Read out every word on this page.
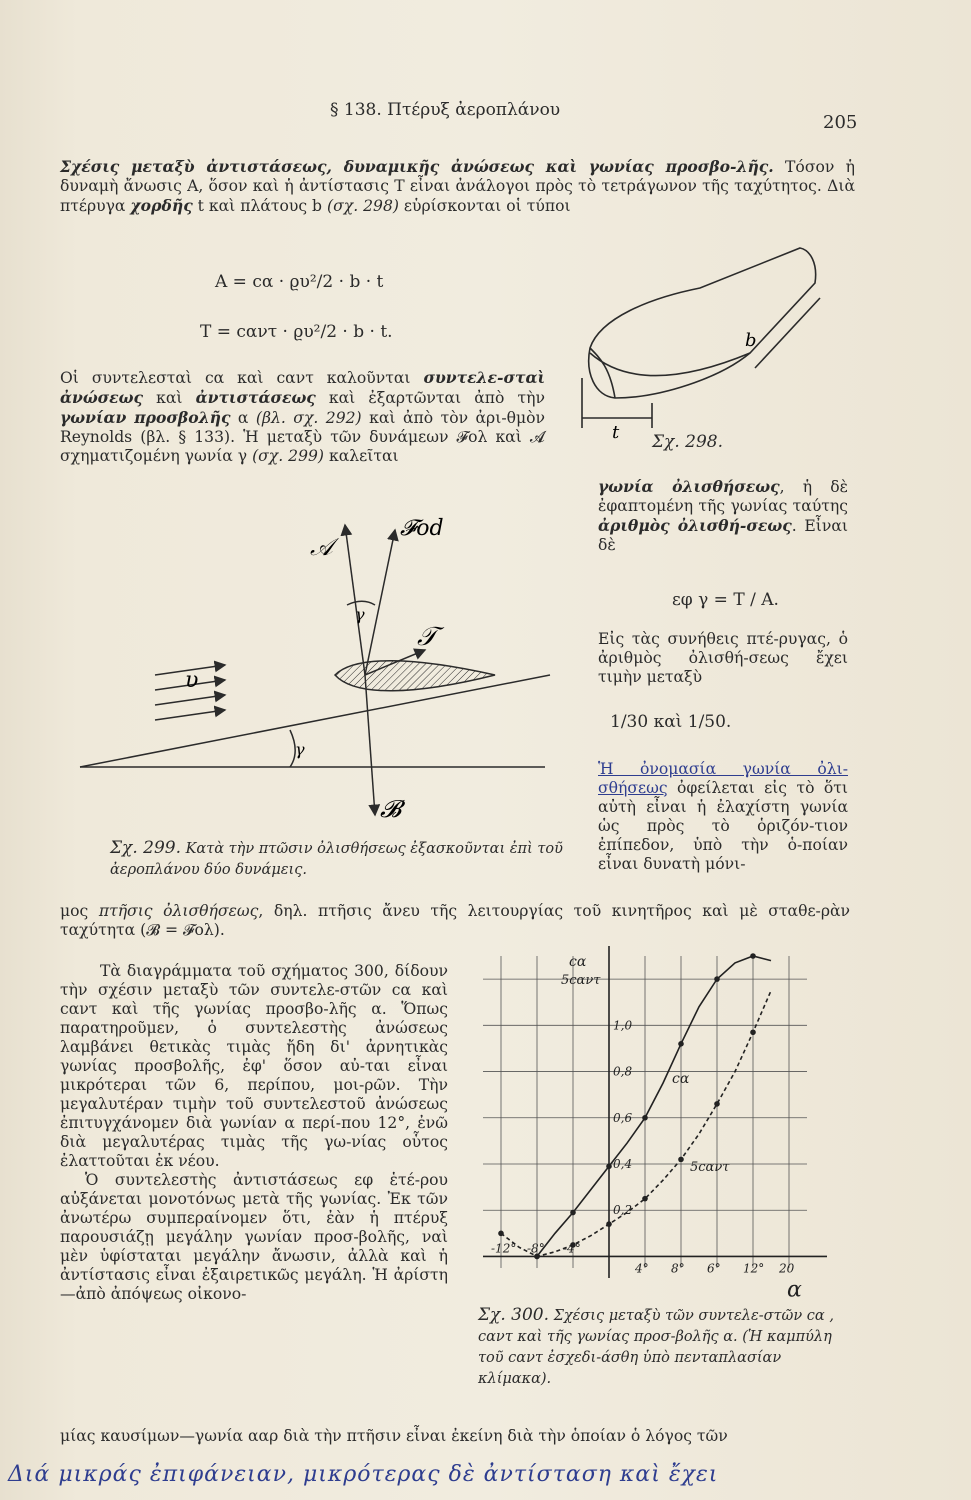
§ 138. Πτέρυξ ἀεροπλάνου
205

Σχέσις μεταξὺ ἀντιστάσεως, δυναμικῆς ἀνώσεως καὶ γωνίας προσβο-λῆς. Τόσον ἡ δυναμὴ ἄνωσις A, ὅσον καὶ ἡ ἀντίστασις T εἶναι ἀνάλογοι πρὸς τὸ τετράγωνον τῆς ταχύτητος. Διὰ πτέρυγα χορδῆς t καὶ πλάτους b (σχ. 298) εὑρίσκονται οἱ τύποι

A = cα · ϱυ²/2 · b · t
T = cαντ · ϱυ²/2 · b · t.

Οἱ συντελεσταὶ cα καὶ cαντ καλοῦνται συντελε-σταὶ ἀνώσεως καὶ ἀντιστάσεως καὶ ἐξαρτῶνται ἀπὸ τὴν γωνίαν προσβολῆς α (βλ. σχ. 292) καὶ ἀπὸ τὸν ἀρι-θμὸν Reynolds (βλ. § 133). Ἡ μεταξὺ τῶν δυνάμεων 𝓕ολ καὶ 𝓐 σχηματιζομένη γωνία γ (σχ. 299) καλεῖται

t
b
Σχ. 298.

γωνία ὀλισθήσεως, ἡ δὲ ἐφαπτομένη τῆς γωνίας ταύτης ἀριθμὸς ὀλισθή-σεως. Εἶναι δὲ

εφ γ = T / A.

Εἰς τὰς συνήθεις πτέ-ρυγας, ὁ ἀριθμὸς ὀλισθή-σεως ἔχει τιμὴν μεταξὺ

1/30 καὶ 1/50.

Ἡ ὀνομασία γωνία ὀλι-σθήσεως ὀφείλεται εἰς τὸ ὅτι αὐτὴ εἶναι ἡ ἐλαχίστη γωνία ὡς πρὸς τὸ ὁριζόν-τιον ἐπίπεδον, ὑπὸ τὴν ὁ-ποίαν εἶναι δυνατὴ μόνι-

𝒜
𝓕οd
𝒯
𝓑
υ
γ
γ
Σχ. 299. Κατὰ τὴν πτῶσιν ὀλισθήσεως ἐξασκοῦνται ἐπὶ τοῦ ἀεροπλάνου δύο δυνάμεις.

μος πτῆσις ὀλισθήσεως, δηλ. πτῆσις ἄνευ τῆς λειτουργίας τοῦ κινητῆρος καὶ μὲ σταθε-ρὰν ταχύτητα (𝓑 = 𝓕ολ).

Τὰ διαγράμματα τοῦ σχήματος 300, δίδουν τὴν σχέσιν μεταξὺ τῶν συντελε-στῶν cα καὶ cαντ καὶ τῆς γωνίας προσβο-λῆς α. Ὅπως παρατηροῦμεν, ὁ συντελεστὴς ἀνώσεως λαμβάνει θετικὰς τιμὰς ἤδη δι' ἀρνητικὰς γωνίας προσβολῆς, ἐφ' ὅσον αὐ-ται εἶναι μικρότεραι τῶν 6, περίπου, μοι-ρῶν. Τὴν μεγαλυτέραν τιμὴν τοῦ συντελεστοῦ ἀνώσεως ἐπιτυγχάνομεν διὰ γωνίαν α περί-που 12°, ἐνῶ διὰ μεγαλυτέρας τιμὰς τῆς γω-νίας οὗτος ἐλαττοῦται ἐκ νέου.

Ὁ συντελεστὴς ἀντιστάσεως εφ ἑτέ-ρου αὐξάνεται μονοτόνως μετὰ τῆς γωνίας. Ἐκ τῶν ἀνωτέρω συμπεραίνομεν ὅτι, ἐὰν ἡ πτέρυξ παρουσιάζῃ μεγάλην γωνίαν προσ-βολῆς, ναὶ μὲν ὑφίσταται μεγάλην ἄνωσιν, ἀλλὰ καὶ ἡ ἀντίστασις εἶναι ἐξαιρετικῶς μεγάλη. Ἡ ἀρίστη—ἀπὸ ἀπόψεως οἰκονο-

-12° -8° -4°
4° 8° 6° 12° 20
0,2
0,4
0,6
0,8
1,0
cα
5cαντ
α
cα
5cαντ
Σχ. 300. Σχέσις μεταξὺ τῶν συντελε-στῶν cα , cαντ καὶ τῆς γωνίας προσ-βολῆς α. (Ἡ καμπύλη τοῦ cαντ ἐσχεδι-άσθη ὑπὸ πενταπλασίαν κλίμακα).
μίας καυσίμων—γωνία ααρ διὰ τὴν πτῆσιν εἶναι ἐκείνη διὰ τὴν ὁποίαν ὁ λόγος τῶν
Διά μικράς ἐπιφάνειαν, μικρότερας δὲ ἀντίσταση καὶ ἔχει
